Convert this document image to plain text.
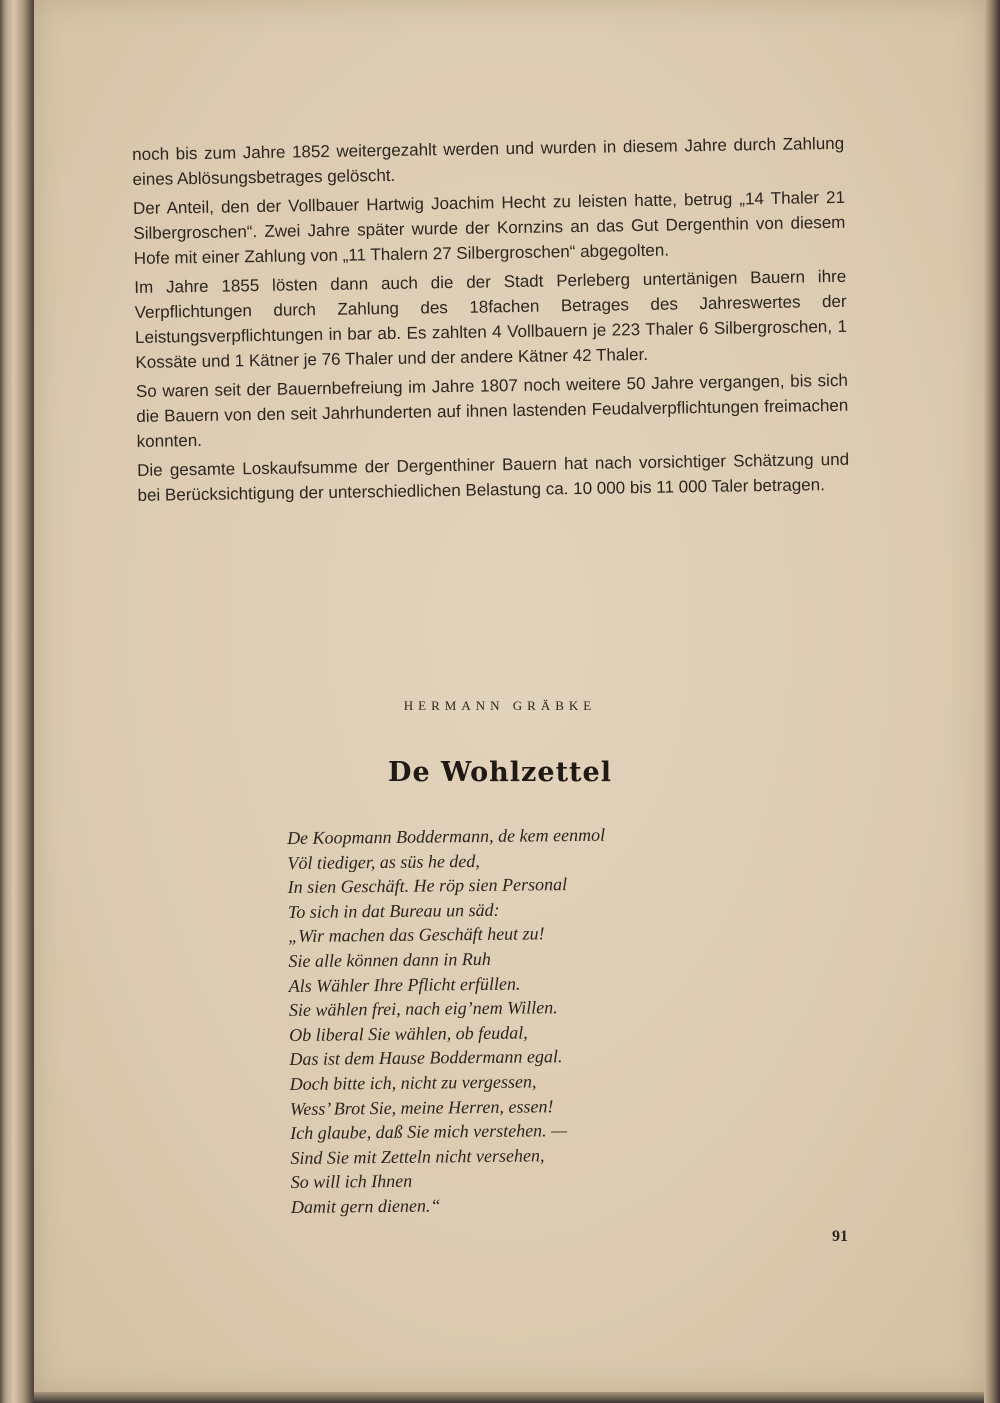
noch bis zum Jahre 1852 weitergezahlt werden und wurden in diesem Jahre durch Zahlung eines Ablösungsbetrages gelöscht.

Der Anteil, den der Vollbauer Hartwig Joachim Hecht zu leisten hatte, betrug „14 Thaler 21 Silbergroschen“. Zwei Jahre später wurde der Kornzins an das Gut Dergenthin von diesem Hofe mit einer Zahlung von „11 Thalern 27 Silbergroschen“ abgegolten.

Im Jahre 1855 lösten dann auch die der Stadt Perleberg untertänigen Bauern ihre Verpflichtungen durch Zahlung des 18fachen Betrages des Jahreswertes der Leistungsverpflichtungen in bar ab. Es zahlten 4 Vollbauern je 223 Thaler 6 Silbergroschen, 1 Kossäte und 1 Kätner je 76 Thaler und der andere Kätner 42 Thaler.

So waren seit der Bauernbefreiung im Jahre 1807 noch weitere 50 Jahre vergangen, bis sich die Bauern von den seit Jahrhunderten auf ihnen lastenden Feudalverpflichtungen freimachen konnten.

Die gesamte Loskaufsumme der Dergenthiner Bauern hat nach vorsichtiger Schätzung und bei Berücksichtigung der unterschiedlichen Belastung ca. 10 000 bis 11 000 Taler betragen.

HERMANN GRÄBKE
De Wohlzettel
De Koopmann Boddermann, de kem eenmol
Völ tiediger, as süs he ded,
In sien Geschäft. He röp sien Personal
To sich in dat Bureau un säd:
„Wir machen das Geschäft heut zu!
Sie alle können dann in Ruh
Als Wähler Ihre Pflicht erfüllen.
Sie wählen frei, nach eig’nem Willen.
Ob liberal Sie wählen, ob feudal,
Das ist dem Hause Boddermann egal.
Doch bitte ich, nicht zu vergessen,
Wess’ Brot Sie, meine Herren, essen!
Ich glaube, daß Sie mich verstehen. —
Sind Sie mit Zetteln nicht versehen,
So will ich Ihnen
Damit gern dienen.“
91
